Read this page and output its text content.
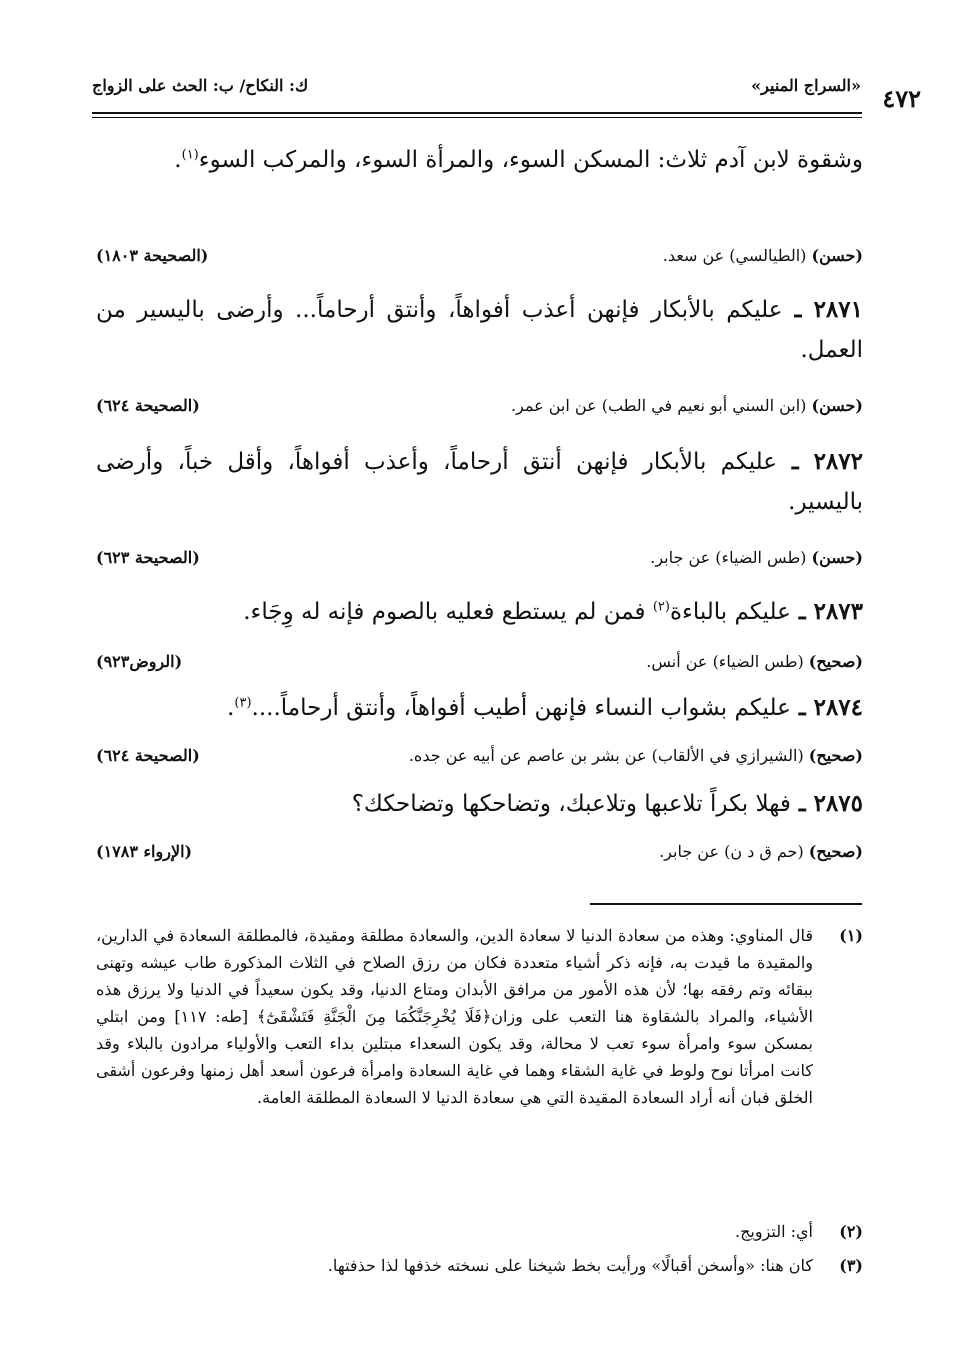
٤٧٢
«السراج المنير»
ك: النكاح/ ب: الحث على الزواج
وشقوة لابن آدم ثلاث: المسكن السوء، والمرأة السوء، والمركب السوء$^{(١)}$.
(حسن) (الطيالسي) عن سعد.
(الصحيحة ١٨٠٣)
٢٨٧١ ـ عليكم بالأبكار فإنهن أعذب أفواهاً، وأنتق أرحاماً... وأرضى باليسير من العمل.
(حسن) (ابن السني أبو نعيم في الطب) عن ابن عمر.
(الصحيحة ٦٢٤)
٢٨٧٢ ـ عليكم بالأبكار فإنهن أنتق أرحاماً، وأعذب أفواهاً، وأقل خباً، وأرضى باليسير.
(حسن) (طس الضياء) عن جابر.
(الصحيحة ٦٢٣)
٢٨٧٣ ـ عليكم بالباءة$^{(٢)}$ فمن لم يستطع فعليه بالصوم فإنه له وِجَاء.
(صحيح) (طس الضياء) عن أنس.
(الروض٩٢٣)
٢٨٧٤ ـ عليكم بشواب النساء فإنهن أطيب أفواهاً، وأنتق أرحاماً....$^{(٣)}$.
(صحيح) (الشيرازي في الألقاب) عن بشر بن عاصم عن أبيه عن جده.
(الصحيحة ٦٢٤)
٢٨٧٥ ـ فهلا بكراً تلاعبها وتلاعبك، وتضاحكها وتضاحكك؟
(صحيح) (حم ق د ن) عن جابر.
(الإرواء ١٧٨٣)
(١)
قال المناوي: وهذه من سعادة الدنيا لا سعادة الدين، والسعادة مطلقة ومقيدة، فالمطلقة السعادة في الدارين، والمقيدة ما قيدت به، فإنه ذكر أشياء متعددة فكان من رزق الصلاح في الثلاث المذكورة طاب عيشه وتهنى ببقائه وتم رفقه بها؛ لأن هذه الأمور من مرافق الأبدان ومتاع الدنيا، وقد يكون سعيداً في الدنيا ولا يرزق هذه الأشياء، والمراد بالشقاوة هنا التعب على وزان﴿فَلَا يُخْرِجَنَّكُمَا مِنَ الْجَنَّةِ فَتَشْقَىٰٓ﴾ [طه: ١١٧] ومن ابتلي بمسكن سوء وامرأة سوء تعب لا محالة، وقد يكون السعداء مبتلين بداء التعب والأولياء مرادون بالبلاء وقد كانت امرأتا نوح ولوط في غاية الشقاء وهما في غاية السعادة وامرأة فرعون أسعد أهل زمنها وفرعون أشقى الخلق فبان أنه أراد السعادة المقيدة التي هي سعادة الدنيا لا السعادة المطلقة العامة.
(٢)
أي: التزويج.
(٣)
كان هنا: «وأسخن أقبالًا» ورأيت بخط شيخنا على نسخته خذفها لذا حذفتها.
